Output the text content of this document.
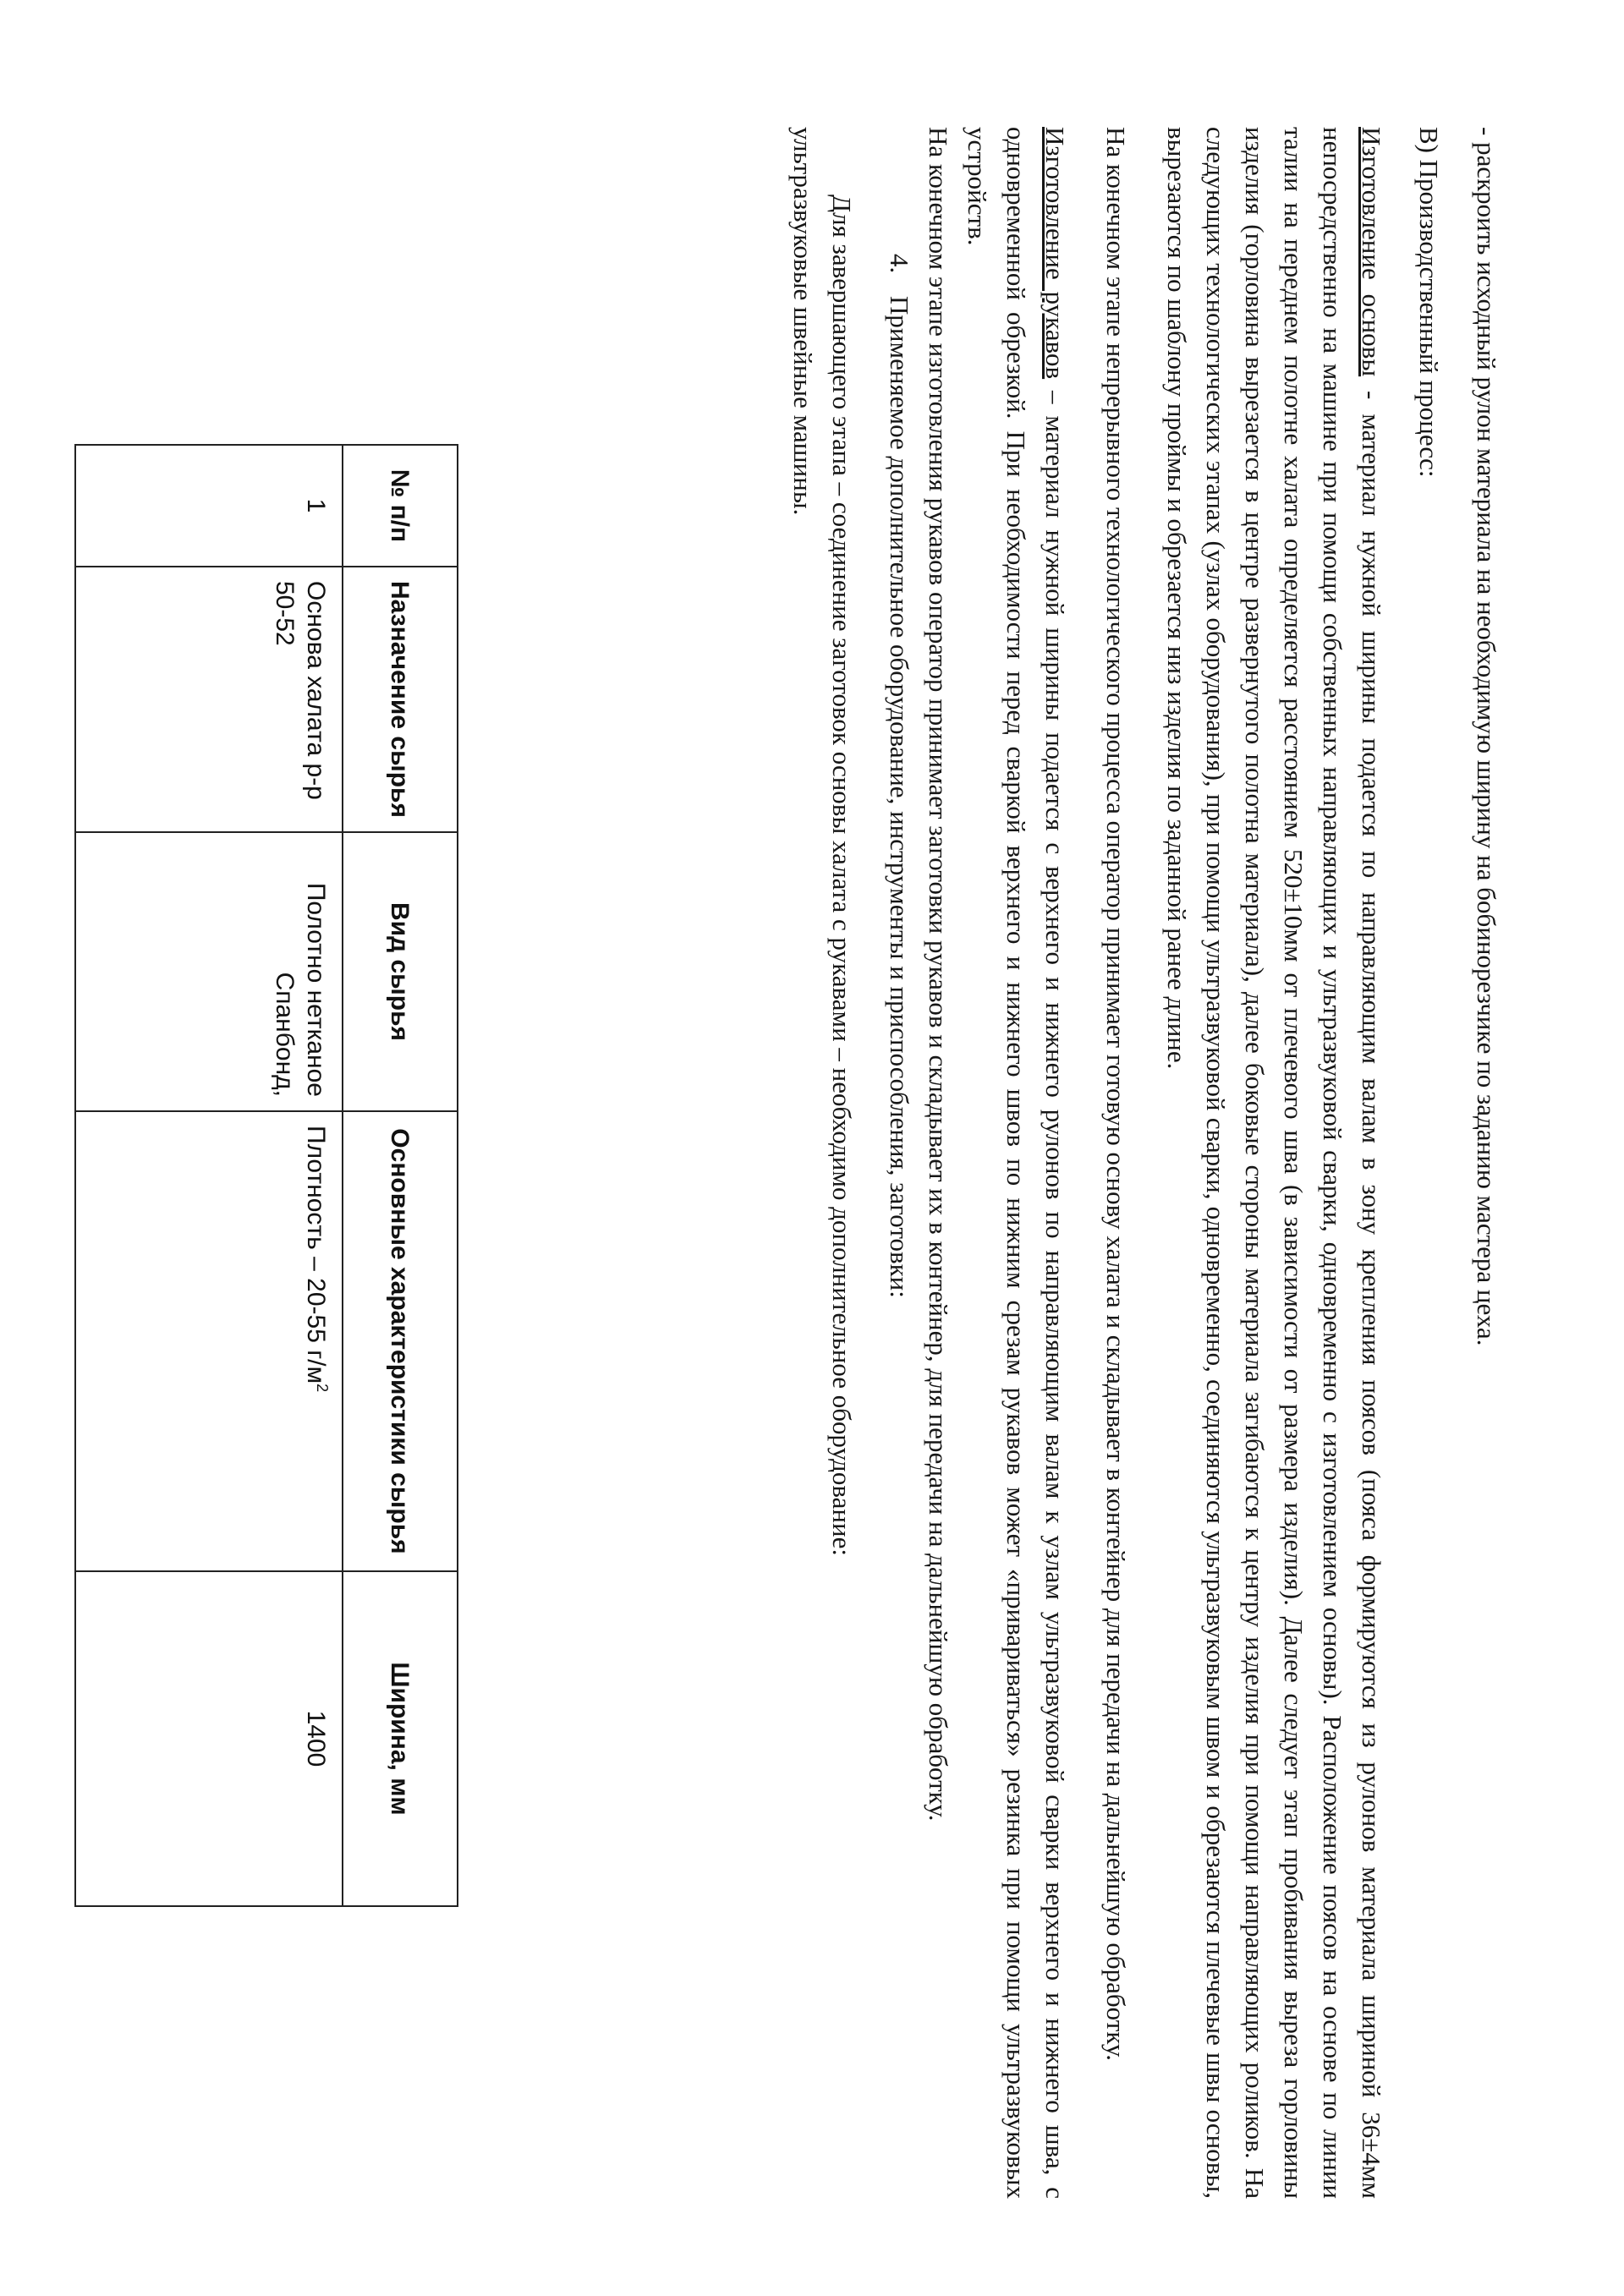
- раскроить исходный рулон материала на необходимую ширину на бобинорезчике по заданию мастера цеха.

В) Производственный процесс:

Изготовление основы - материал нужной ширины подается по направляющим валам в зону крепления поясов (пояса формируются из рулонов материала шириной 36±4мм непосредственно на машине при помощи собственных направляющих и ультразвуковой сварки, одновременно с изготовлением основы). Расположение поясов на основе по линии талии на переднем полотне халата определяется расстоянием 520±10мм от плечевого шва (в зависимости от размера изделия). Далее следует этап пробивания выреза горловины изделия (горловина вырезается в центре развернутого полотна материала), далее боковые стороны материала загибаются к центру изделия при помощи направляющих роликов. На следующих технологических этапах (узлах оборудования), при помощи ультразвуковой сварки, одновременно, соединяются ультразвуковым швом и обрезаются плечевые швы основы, вырезаются по шаблону проймы и обрезается низ изделия по заданной ранее длине.

На конечном этапе непрерывного технологического процесса оператор принимает готовую основу халата и складывает в контейнер для передачи на дальнейшую обработку.

Изготовление рукавов – материал нужной ширины подается с верхнего и нижнего рулонов по направляющим валам к узлам ультразвуковой сварки верхнего и нижнего шва, с одновременной обрезкой. При необходимости перед сваркой верхнего и нижнего швов по нижним срезам рукавов может «привариваться» резинка при помощи ультразвуковых устройств.

На конечном этапе изготовления рукавов оператор принимает заготовки рукавов и складывает их в контейнер, для передачи на дальнейшую обработку.

4.Применяемое дополнительное оборудование, инструменты и приспособления, заготовки:

Для завершающего этапа – соединение заготовок основы халата с рукавами – необходимо дополнительное оборудование:

ультразвуковые швейные машины.

№ п/п	Назначение сырья	Вид сырья	Основные характеристики сырья	Ширина, мм
1	Основа халата р-р 50-52	Полотно нетканое Спанбонд,	Плотность – 20-55 $г/м^2$	1400
